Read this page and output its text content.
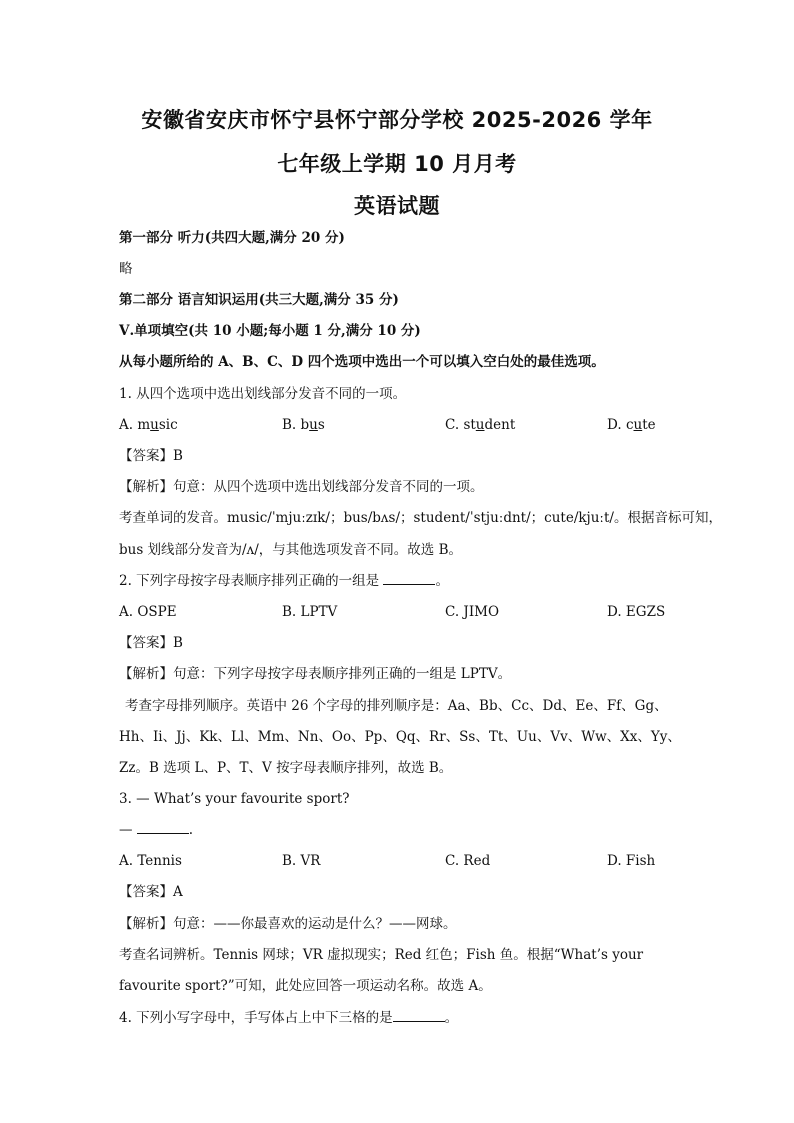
安徽省安庆市怀宁县怀宁部分学校 2025-2026 学年
七年级上学期 10 月月考
英语试题
第一部分 听力(共四大题,满分 20 分)
略
第二部分 语言知识运用(共三大题,满分 35 分)
Ⅴ.单项填空(共 10 小题;每小题 1 分,满分 10 分)
从每小题所给的 A、B、C、D 四个选项中选出一个可以填入空白处的最佳选项。
1. 从四个选项中选出划线部分发音不同的一项。
A. music	B. bus	C. student	D. cute
【答案】B
【解析】句意：从四个选项中选出划线部分发音不同的一项。
考查单词的发音。music/ˈmjuːzɪk/；bus/bʌs/；student/ˈstjuːdnt/；cute/kjuːt/。根据音标可知，
bus 划线部分发音为/ʌ/，与其他选项发音不同。故选 B。
2. 下列字母按字母表顺序排列正确的一组是	。
A. OSPE	B. LPTV	C. JIMO	D. EGZS
【答案】B
【解析】句意：下列字母按字母表顺序排列正确的一组是 LPTV。
考查字母排列顺序。英语中 26 个字母的排列顺序是：Aa、Bb、Cc、Dd、Ee、Ff、Gg、
Hh、Ii、Jj、Kk、Ll、Mm、Nn、Oo、Pp、Qq、Rr、Ss、Tt、Uu、Vv、Ww、Xx、Yy、
Zz。B 选项 L、P、T、V 按字母表顺序排列，故选 B。
3. — What’s your favourite sport?
—	.
A. Tennis	B. VR	C. Red	D. Fish
【答案】A
【解析】句意：——你最喜欢的运动是什么？——网球。
考查名词辨析。Tennis 网球；VR 虚拟现实；Red 红色；Fish 鱼。根据“What’s your
favourite sport?”可知，此处应回答一项运动名称。故选 A。
4. 下列小写字母中，手写体占上中下三格的是	。
